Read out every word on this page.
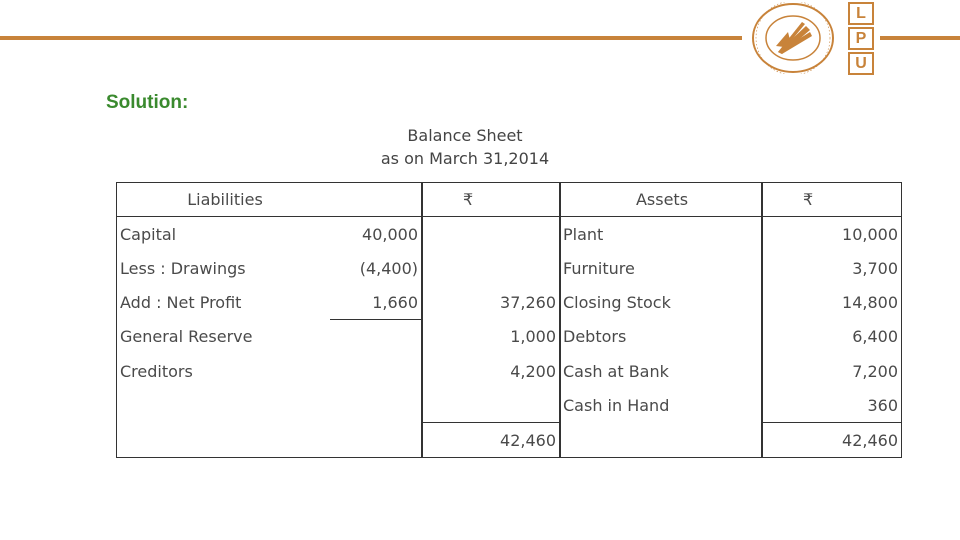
L
P
U
Solution:
Balance Sheet
as on March 31,2014
Liabilities		₹	Assets	₹
Capital	40,000		Plant	10,000
Less : Drawings	(4,400)		Furniture	3,700
Add : Net Profit	1,660	37,260	Closing Stock	14,800
General Reserve		1,000	Debtors	6,400
Creditors		4,200	Cash at Bank	7,200
			Cash in Hand	360
		42,460		42,460
